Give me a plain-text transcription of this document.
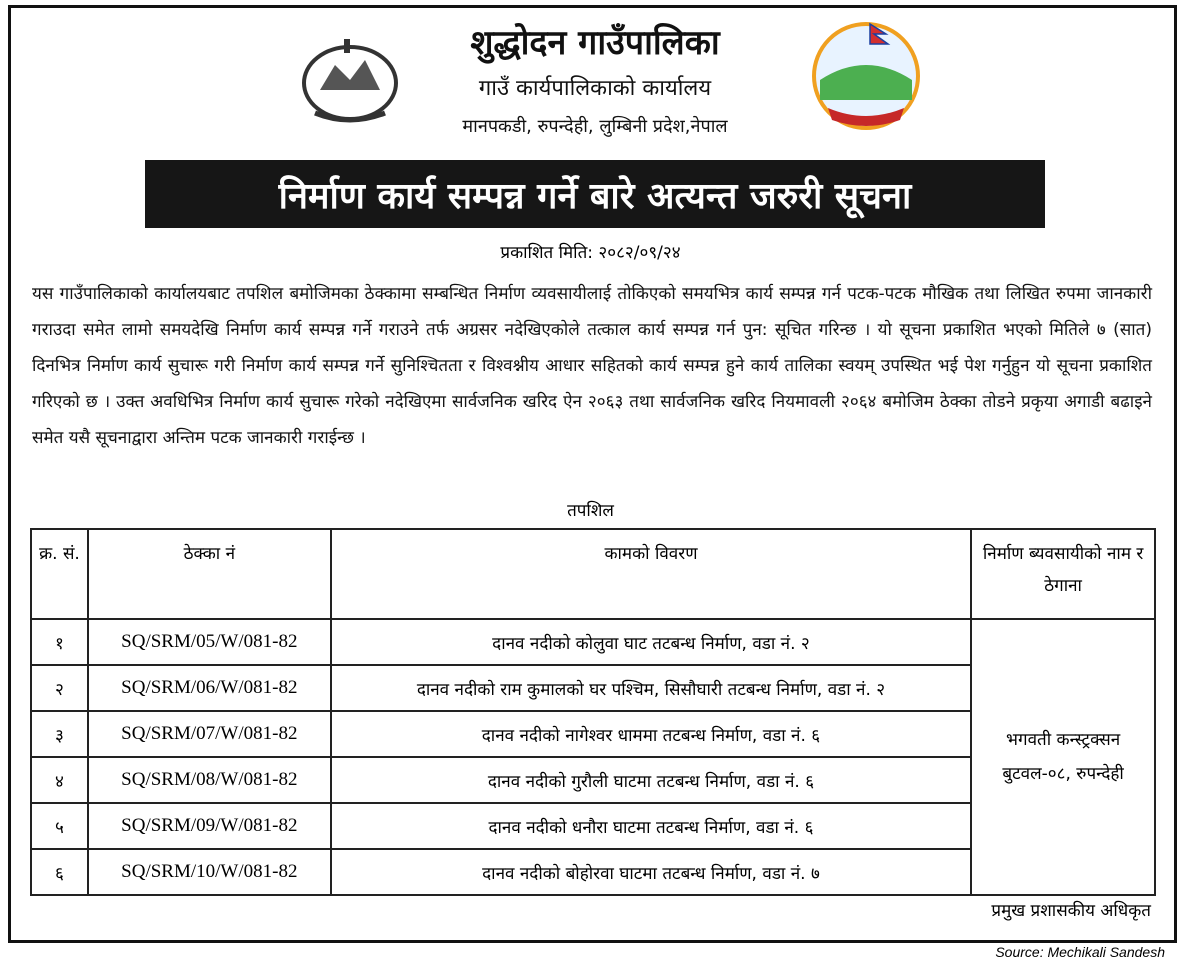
शुद्धोदन गाउँपालिका
गाउँ कार्यपालिकाको कार्यालय
मानपकडी, रुपन्देही, लुम्बिनी प्रदेश,नेपाल
निर्माण कार्य सम्पन्न गर्ने बारे अत्यन्त जरुरी सूचना
प्रकाशित मिति: २०८२/०९/२४
यस गाउँपालिकाको कार्यालयबाट तपशिल बमोजिमका ठेक्कामा सम्बन्धित निर्माण व्यवसायीलाई तोकिएको समयभित्र कार्य सम्पन्न गर्न पटक-पटक मौखिक तथा लिखित रुपमा जानकारी गराउदा समेत लामो समयदेखि निर्माण कार्य सम्पन्न गर्ने गराउने तर्फ अग्रसर नदेखिएकोले तत्काल कार्य सम्पन्न गर्न पुन: सूचित गरिन्छ । यो सूचना प्रकाशित भएको मितिले ७ (सात) दिनभित्र निर्माण कार्य सुचारू गरी निर्माण कार्य सम्पन्न गर्ने सुनिश्चितता र विश्वश्नीय आधार सहितको कार्य सम्पन्न हुने कार्य तालिका स्वयम् उपस्थित भई पेश गर्नुहुन यो सूचना प्रकाशित गरिएको छ । उक्त अवधिभित्र निर्माण कार्य सुचारू गरेको नदेखिएमा सार्वजनिक खरिद ऐन २०६३ तथा सार्वजनिक खरिद नियमावली २०६४ बमोजिम ठेक्का तोडने प्रकृया अगाडी बढाइने समेत यसै सूचनाद्वारा अन्तिम पटक जानकारी गराईन्छ ।
तपशिल
क्र. सं.	ठेक्का नं	कामको विवरण	निर्माण ब्यवसायीको नाम र ठेगाना
१	SQ/SRM/05/W/081-82	दानव नदीको कोलुवा घाट तटबन्ध निर्माण, वडा नं. २	भगवती कन्स्ट्रक्सन बुटवल-०८, रुपन्देही
२	SQ/SRM/06/W/081-82	दानव नदीको राम कुमालको घर पश्चिम, सिसौघारी तटबन्ध निर्माण, वडा नं. २	
३	SQ/SRM/07/W/081-82	दानव नदीको नागेश्वर धाममा तटबन्ध निर्माण, वडा नं. ६	
४	SQ/SRM/08/W/081-82	दानव नदीको गुरौली घाटमा तटबन्ध निर्माण, वडा नं. ६	
५	SQ/SRM/09/W/081-82	दानव नदीको धनौरा घाटमा तटबन्ध निर्माण, वडा नं. ६	
६	SQ/SRM/10/W/081-82	दानव नदीको बोहोरवा घाटमा तटबन्ध निर्माण, वडा नं. ७	
प्रमुख प्रशासकीय अधिकृत
Source: Mechikali Sandesh
